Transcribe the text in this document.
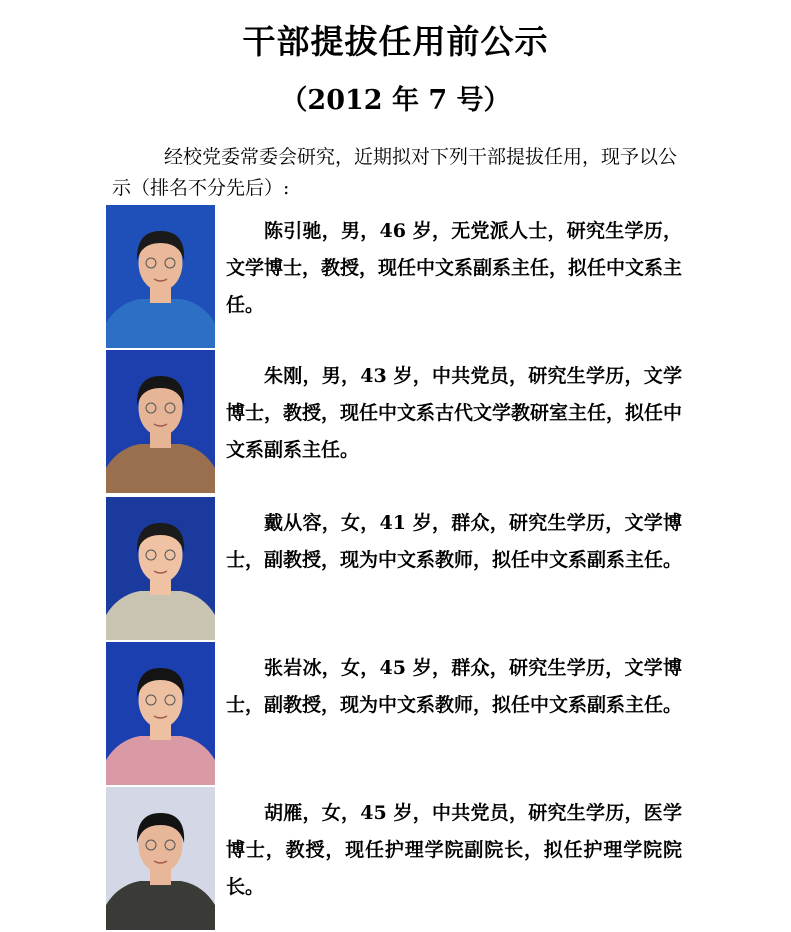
干部提拔任用前公示
（2012 年 7 号）
经校党委常委会研究，近期拟对下列干部提拔任用，现予以公示（排名不分先后）:
陈引驰，男，46 岁，无党派人士，研究生学历，文学博士，教授，现任中文系副系主任，拟任中文系主任。
朱刚，男，43 岁，中共党员，研究生学历，文学博士，教授，现任中文系古代文学教研室主任，拟任中文系副系主任。
戴从容，女，41 岁，群众，研究生学历，文学博士，副教授，现为中文系教师，拟任中文系副系主任。
张岩冰，女，45 岁，群众，研究生学历，文学博士，副教授，现为中文系教师，拟任中文系副系主任。
胡雁，女，45 岁，中共党员，研究生学历，医学博士，教授，现任护理学院副院长，拟任护理学院院长。
